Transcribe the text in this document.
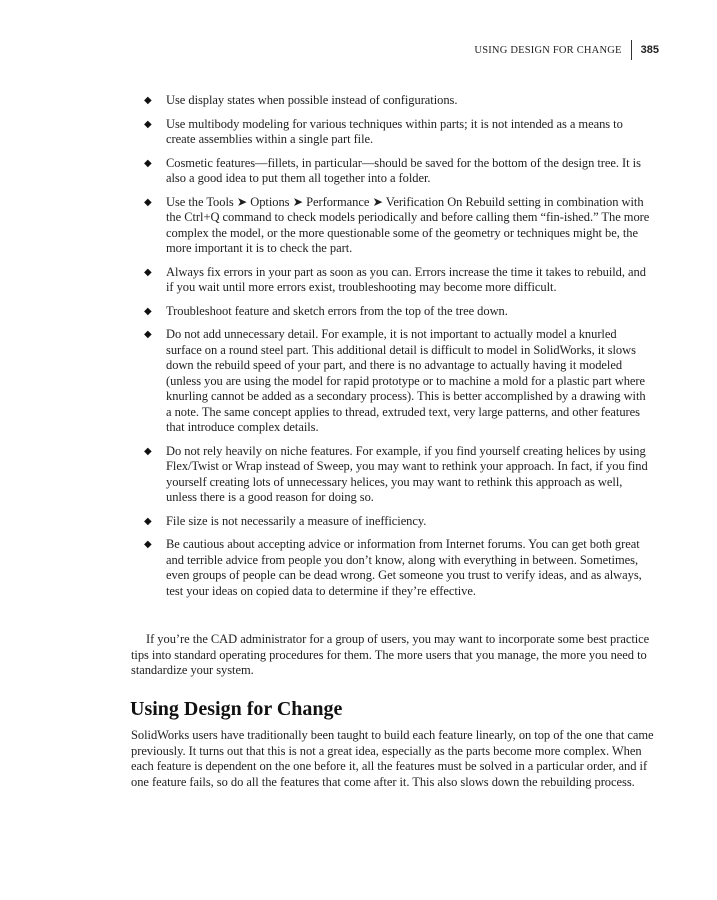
USING DESIGN FOR CHANGE	385
◆ Use display states when possible instead of configurations.
◆ Use multibody modeling for various techniques within parts; it is not intended as a means to create assemblies within a single part file.
◆ Cosmetic features—fillets, in particular—should be saved for the bottom of the design tree. It is also a good idea to put them all together into a folder.
◆ Use the Tools ➤ Options ➤ Performance ➤ Verification On Rebuild setting in combination with the Ctrl+Q command to check models periodically and before calling them “fin-ished.” The more complex the model, or the more questionable some of the geometry or techniques might be, the more important it is to check the part.
◆ Always fix errors in your part as soon as you can. Errors increase the time it takes to rebuild, and if you wait until more errors exist, troubleshooting may become more difficult.
◆ Troubleshoot feature and sketch errors from the top of the tree down.
◆ Do not add unnecessary detail. For example, it is not important to actually model a knurled surface on a round steel part. This additional detail is difficult to model in SolidWorks, it slows down the rebuild speed of your part, and there is no advantage to actually having it modeled (unless you are using the model for rapid prototype or to machine a mold for a plastic part where knurling cannot be added as a secondary process). This is better accomplished by a drawing with a note. The same concept applies to thread, extruded text, very large patterns, and other features that introduce complex details.
◆ Do not rely heavily on niche features. For example, if you find yourself creating helices by using Flex/Twist or Wrap instead of Sweep, you may want to rethink your approach. In fact, if you find yourself creating lots of unnecessary helices, you may want to rethink this approach as well, unless there is a good reason for doing so.
◆ File size is not necessarily a measure of inefficiency.
◆ Be cautious about accepting advice or information from Internet forums. You can get both great and terrible advice from people you don’t know, along with everything in between. Sometimes, even groups of people can be dead wrong. Get someone you trust to verify ideas, and as always, test your ideas on copied data to determine if they’re effective.

If you’re the CAD administrator for a group of users, you may want to incorporate some best practice tips into standard operating procedures for them. The more users that you manage, the more you need to standardize your system.

Using Design for Change

SolidWorks users have traditionally been taught to build each feature linearly, on top of the one that came previously. It turns out that this is not a great idea, especially as the parts become more complex. When each feature is dependent on the one before it, all the features must be solved in a particular order, and if one feature fails, so do all the features that come after it. This also slows down the rebuilding process.
